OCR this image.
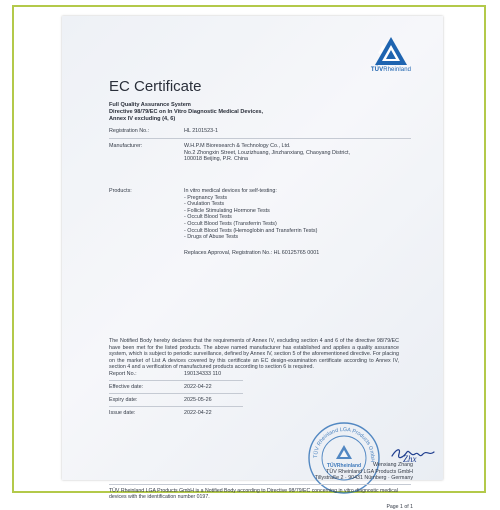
TÜVRheinland
EC Certificate
Full Quality Assurance System
Directive 98/79/EC on In Vitro Diagnostic Medical Devices,
Annex IV excluding (4, 6)
Registration No.:	HL 2101523-1
Manufacturer:	W.H.P.M Bioresearch & Technology Co., Ltd.
No.2 Zhongxin Street, Louzizhuang, Jinzhanxiang, Chaoyang District,
100018 Beijing, P.R. China
Products:	In vitro medical devices for self-testing:
- Pregnancy Tests
- Ovulation Tests
- Follicle Stimulating Hormone Tests
- Occult Blood Tests
- Occult Blood Tests (Transferrin Tests)
- Occult Blood Tests (Hemoglobin and Transferrin Tests)
- Drugs of Abuse Tests
Replaces Approval, Registration No.: HL 60125765 0001
The Notified Body hereby declares that the requirements of Annex IV, excluding section 4 and 6 of the directive 98/79/EC have been met for the listed products. The above named manufacturer has established and applies a quality assurance system, which is subject to periodic surveillance, defined by Annex IV, section 5 of the aforementioned directive. For placing on the market of List A devices covered by this certificate an EC design-examination certificate according to Annex IV, section 4 and a verification of manufactured products according to section 6 is required.
Report No.:	190134333 110
Effective date:	2022-04-22
Expiry date:	2025-05-26
Issue date:	2022-04-22
TÜV Rheinland LGA Products GmbH
TÜVRheinland
Zhx
Wenxiang Zhang
TÜV Rheinland LGA Products GmbH
Tillystraße 2 · 90431 Nürnberg · Germany
TÜV Rheinland LGA Products GmbH is a Notified Body according to Directive 98/79/EC concerning in vitro diagnostic medical devices with the identification number 0197.
Page 1 of 1
